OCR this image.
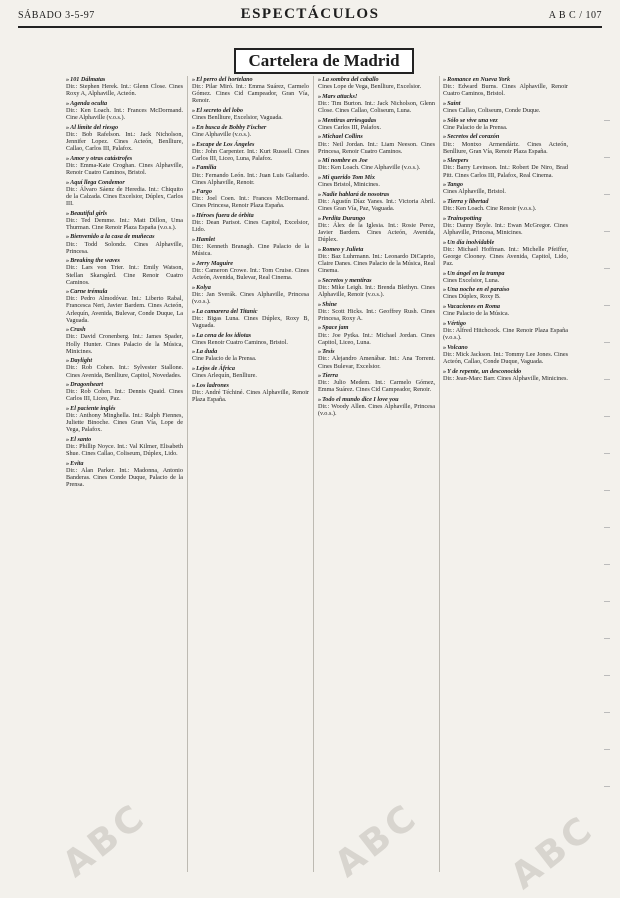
SÁBADO 3-5-97	ESPECTÁCULOS	A B C / 107
Cartelera de Madrid
» 101 Dálmatas
Dir.: Stephen Herek. Int.: Glenn Close. Cines Roxy A, Alphaville, Acteón.
» Agenda oculta
Dir.: Ken Loach. Int.: Frances McDormand. Cine Alphaville (v.o.s.).
» Al límite del riesgo
Dir.: Bob Rafelson. Int.: Jack Nicholson, Jennifer Lopez. Cines Acteón, Benlliure, Callao, Carlos III, Palafox.
» Amor y otras catástrofes
Dir.: Emma-Kate Croghan. Cines Alphaville, Renoir Cuatro Caminos, Bristol.
» Aquí llega Condemor
Dir.: Álvaro Sáenz de Heredia. Int.: Chiquito de la Calzada. Cines Excelsior, Dúplex, Carlos III.
» Beautiful girls
Dir.: Ted Demme. Int.: Matt Dillon, Uma Thurman. Cine Renoir Plaza España (v.o.s.).
» Bienvenido a la casa de muñecas
Dir.: Todd Solondz. Cines Alphaville, Princesa.
» Breaking the waves
Dir.: Lars von Trier. Int.: Emily Watson, Stellan Skarsgård. Cine Renoir Cuatro Caminos.
» Carne trémula
Dir.: Pedro Almodóvar. Int.: Liberto Rabal, Francesca Neri, Javier Bardem. Cines Acteón, Arlequín, Avenida, Bulevar, Conde Duque, La Vaguada.
» Crash
Dir.: David Cronenberg. Int.: James Spader, Holly Hunter. Cines Palacio de la Música, Minicines.
» Daylight
Dir.: Rob Cohen. Int.: Sylvester Stallone. Cines Avenida, Benlliure, Capitol, Novedades.
» Dragonheart
Dir.: Rob Cohen. Int.: Dennis Quaid. Cines Carlos III, Liceo, Paz.
» El paciente inglés
Dir.: Anthony Minghella. Int.: Ralph Fiennes, Juliette Binoche. Cines Gran Vía, Lope de Vega, Palafox.
» El santo
Dir.: Phillip Noyce. Int.: Val Kilmer, Elisabeth Shue. Cines Callao, Coliseum, Dúplex, Lido.
» Evita
Dir.: Alan Parker. Int.: Madonna, Antonio Banderas. Cines Conde Duque, Palacio de la Prensa.
» El perro del hortelano
Dir.: Pilar Miró. Int.: Emma Suárez, Carmelo Gómez. Cines Cid Campeador, Gran Vía, Renoir.
» El secreto del lobo
Cines Benlliure, Excelsior, Vaguada.
» En busca de Bobby Fischer
Cine Alphaville (v.o.s.).
» Escape de Los Ángeles
Dir.: John Carpenter. Int.: Kurt Russell. Cines Carlos III, Liceo, Luna, Palafox.
» Familia
Dir.: Fernando León. Int.: Juan Luis Galiardo. Cines Alphaville, Renoir.
» Fargo
Dir.: Joel Coen. Int.: Frances McDormand. Cines Princesa, Renoir Plaza España.
» Héroes fuera de órbita
Dir.: Dean Parisot. Cines Capitol, Excelsior, Lido.
» Hamlet
Dir.: Kenneth Branagh. Cine Palacio de la Música.
» Jerry Maguire
Dir.: Cameron Crowe. Int.: Tom Cruise. Cines Acteón, Avenida, Bulevar, Real Cinema.
» Kolya
Dir.: Jan Sverák. Cines Alphaville, Princesa (v.o.s.).
» La camarera del Titanic
Dir.: Bigas Luna. Cines Dúplex, Roxy B, Vaguada.
» La cena de los idiotas
Cines Renoir Cuatro Caminos, Bristol.
» La duda
Cine Palacio de la Prensa.
» Lejos de África
Cines Arlequín, Benlliure.
» Los ladrones
Dir.: André Téchiné. Cines Alphaville, Renoir Plaza España.
» La sombra del caballo
Cines Lope de Vega, Benlliure, Excelsior.
» Mars attacks!
Dir.: Tim Burton. Int.: Jack Nicholson, Glenn Close. Cines Callao, Coliseum, Luna.
» Mentiras arriesgadas
Cines Carlos III, Palafox.
» Michael Collins
Dir.: Neil Jordan. Int.: Liam Neeson. Cines Princesa, Renoir Cuatro Caminos.
» Mi nombre es Joe
Dir.: Ken Loach. Cine Alphaville (v.o.s.).
» Mi querido Tom Mix
Cines Bristol, Minicines.
» Nadie hablará de nosotras
Dir.: Agustín Díaz Yanes. Int.: Victoria Abril. Cines Gran Vía, Paz, Vaguada.
» Perdita Durango
Dir.: Álex de la Iglesia. Int.: Rosie Perez, Javier Bardem. Cines Acteón, Avenida, Dúplex.
» Romeo y Julieta
Dir.: Baz Luhrmann. Int.: Leonardo DiCaprio, Claire Danes. Cines Palacio de la Música, Real Cinema.
» Secretos y mentiras
Dir.: Mike Leigh. Int.: Brenda Blethyn. Cines Alphaville, Renoir (v.o.s.).
» Shine
Dir.: Scott Hicks. Int.: Geoffrey Rush. Cines Princesa, Roxy A.
» Space jam
Dir.: Joe Pytka. Int.: Michael Jordan. Cines Capitol, Liceo, Luna.
» Tesis
Dir.: Alejandro Amenábar. Int.: Ana Torrent. Cines Bulevar, Excelsior.
» Tierra
Dir.: Julio Medem. Int.: Carmelo Gómez, Emma Suárez. Cines Cid Campeador, Renoir.
» Todo el mundo dice I love you
Dir.: Woody Allen. Cines Alphaville, Princesa (v.o.s.).
» Romance en Nueva York
Dir.: Edward Burns. Cines Alphaville, Renoir Cuatro Caminos, Bristol.
» Saint
Cines Callao, Coliseum, Conde Duque.
» Sólo se vive una vez
Cine Palacio de la Prensa.
» Secretos del corazón
Dir.: Montxo Armendáriz. Cines Acteón, Benlliure, Gran Vía, Renoir Plaza España.
» Sleepers
Dir.: Barry Levinson. Int.: Robert De Niro, Brad Pitt. Cines Carlos III, Palafox, Real Cinema.
» Tango
Cines Alphaville, Bristol.
» Tierra y libertad
Dir.: Ken Loach. Cine Renoir (v.o.s.).
» Trainspotting
Dir.: Danny Boyle. Int.: Ewan McGregor. Cines Alphaville, Princesa, Minicines.
» Un día inolvidable
Dir.: Michael Hoffman. Int.: Michelle Pfeiffer, George Clooney. Cines Avenida, Capitol, Lido, Paz.
» Un ángel en la trampa
Cines Excelsior, Luna.
» Una noche en el paraíso
Cines Dúplex, Roxy B.
» Vacaciones en Roma
Cine Palacio de la Música.
» Vértigo
Dir.: Alfred Hitchcock. Cine Renoir Plaza España (v.o.s.).
» Volcano
Dir.: Mick Jackson. Int.: Tommy Lee Jones. Cines Acteón, Callao, Conde Duque, Vaguada.
» Y de repente, un desconocido
Dir.: Jean-Marc Barr. Cines Alphaville, Minicines.
ABC	ABC ABC
